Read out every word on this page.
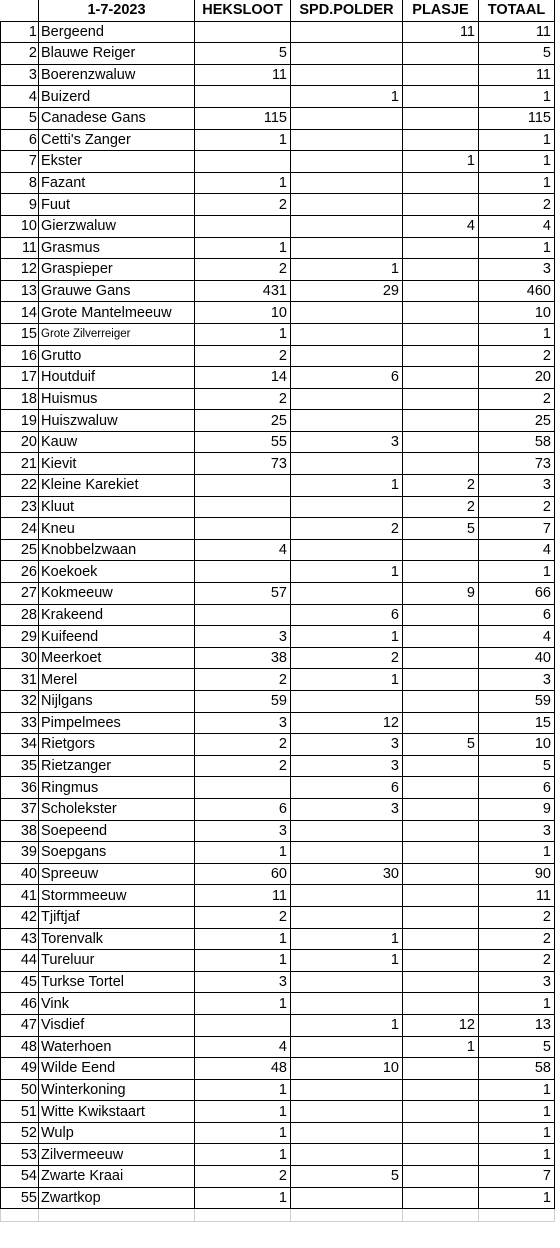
	1-7-2023	HEKSLOOT	SPD.POLDER	PLASJE	TOTAAL
1	Bergeend			11	11
2	Blauwe Reiger	5			5
3	Boerenzwaluw	11			11
4	Buizerd		1		1
5	Canadese Gans	115			115
6	Cetti's Zanger	1			1
7	Ekster			1	1
8	Fazant	1			1
9	Fuut	2			2
10	Gierzwaluw			4	4
11	Grasmus	1			1
12	Graspieper	2	1		3
13	Grauwe Gans	431	29		460
14	Grote Mantelmeeuw	10			10
15	Grote Zilverreiger	1			1
16	Grutto	2			2
17	Houtduif	14	6		20
18	Huismus	2			2
19	Huiszwaluw	25			25
20	Kauw	55	3		58
21	Kievit	73			73
22	Kleine Karekiet		1	2	3
23	Kluut			2	2
24	Kneu		2	5	7
25	Knobbelzwaan	4			4
26	Koekoek		1		1
27	Kokmeeuw	57		9	66
28	Krakeend		6		6
29	Kuifeend	3	1		4
30	Meerkoet	38	2		40
31	Merel	2	1		3
32	Nijlgans	59			59
33	Pimpelmees	3	12		15
34	Rietgors	2	3	5	10
35	Rietzanger	2	3		5
36	Ringmus		6		6
37	Scholekster	6	3		9
38	Soepeend	3			3
39	Soepgans	1			1
40	Spreeuw	60	30		90
41	Stormmeeuw	11			11
42	Tjiftjaf	2			2
43	Torenvalk	1	1		2
44	Tureluur	1	1		2
45	Turkse Tortel	3			3
46	Vink	1			1
47	Visdief		1	12	13
48	Waterhoen	4		1	5
49	Wilde Eend	48	10		58
50	Winterkoning	1			1
51	Witte Kwikstaart	1			1
52	Wulp	1			1
53	Zilvermeeuw	1			1
54	Zwarte Kraai	2	5		7
55	Zwartkop	1			1
